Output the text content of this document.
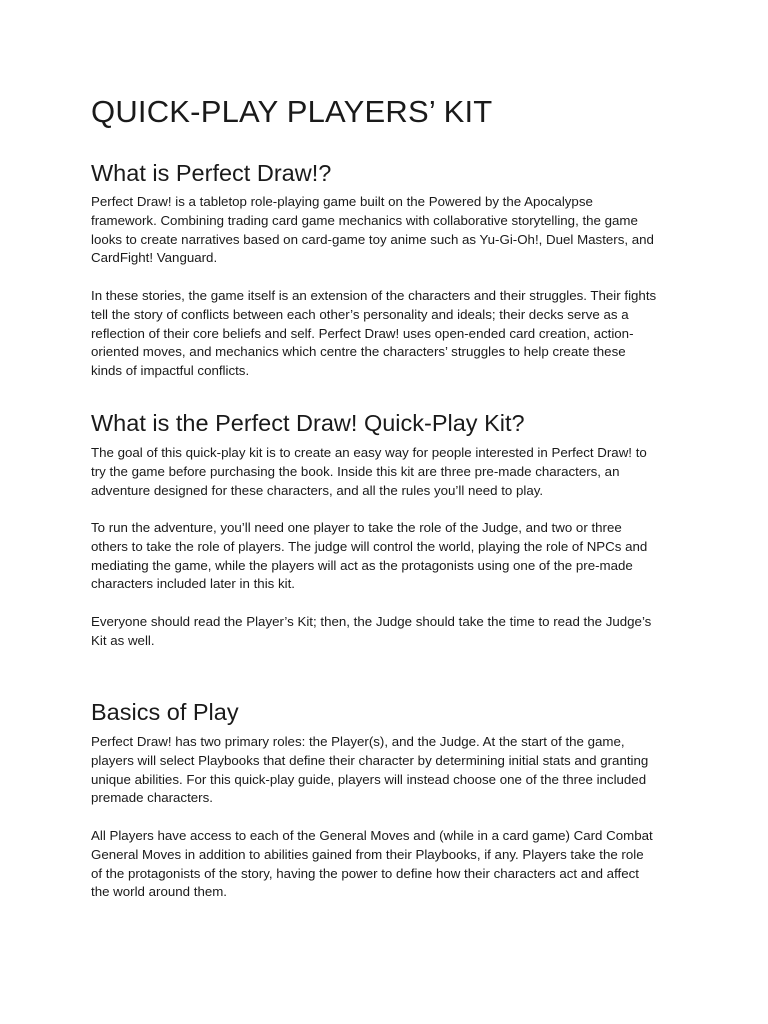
QUICK-PLAY PLAYERS’ KIT
What is Perfect Draw!?

Perfect Draw! is a tabletop role-playing game built on the Powered by the Apocalypse
framework. Combining trading card game mechanics with collaborative storytelling, the game
looks to create narratives based on card-game toy anime such as Yu-Gi-Oh!, Duel Masters, and
CardFight! Vanguard.

In these stories, the game itself is an extension of the characters and their struggles. Their fights
tell the story of conflicts between each other’s personality and ideals; their decks serve as a
reflection of their core beliefs and self. Perfect Draw! uses open-ended card creation, action-
oriented moves, and mechanics which centre the characters’ struggles to help create these
kinds of impactful conflicts.

What is the Perfect Draw! Quick-Play Kit?

The goal of this quick-play kit is to create an easy way for people interested in Perfect Draw! to
try the game before purchasing the book. Inside this kit are three pre-made characters, an
adventure designed for these characters, and all the rules you’ll need to play.

To run the adventure, you’ll need one player to take the role of the Judge, and two or three
others to take the role of players. The judge will control the world, playing the role of NPCs and
mediating the game, while the players will act as the protagonists using one of the pre-made
characters included later in this kit.

Everyone should read the Player’s Kit; then, the Judge should take the time to read the Judge’s
Kit as well.

Basics of Play

Perfect Draw! has two primary roles: the Player(s), and the Judge. At the start of the game,
players will select Playbooks that define their character by determining initial stats and granting
unique abilities. For this quick-play guide, players will instead choose one of the three included
premade characters.

All Players have access to each of the General Moves and (while in a card game) Card Combat
General Moves in addition to abilities gained from their Playbooks, if any. Players take the role
of the protagonists of the story, having the power to define how their characters act and affect
the world around them.
